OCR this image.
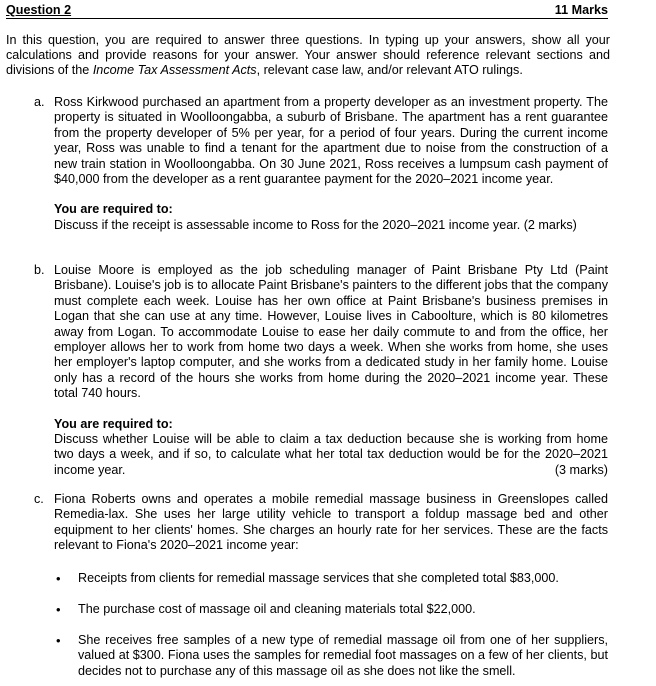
Question 2	11 Marks
In this question, you are required to answer three questions. In typing up your answers, show all your calculations and provide reasons for your answer. Your answer should reference relevant sections and divisions of the Income Tax Assessment Acts, relevant case law, and/or relevant ATO rulings.
a. Ross Kirkwood purchased an apartment from a property developer as an investment property. The property is situated in Woolloongabba, a suburb of Brisbane. The apartment has a rent guarantee from the property developer of 5% per year, for a period of four years. During the current income year, Ross was unable to find a tenant for the apartment due to noise from the construction of a new train station in Woolloongabba. On 30 June 2021, Ross receives a lumpsum cash payment of $40,000 from the developer as a rent guarantee payment for the 2020–2021 income year.
You are required to:
Discuss if the receipt is assessable income to Ross for the 2020–2021 income year. (2 marks)
b. Louise Moore is employed as the job scheduling manager of Paint Brisbane Pty Ltd (Paint Brisbane). Louise's job is to allocate Paint Brisbane's painters to the different jobs that the company must complete each week. Louise has her own office at Paint Brisbane's business premises in Logan that she can use at any time. However, Louise lives in Caboolture, which is 80 kilometres away from Logan. To accommodate Louise to ease her daily commute to and from the office, her employer allows her to work from home two days a week. When she works from home, she uses her employer's laptop computer, and she works from a dedicated study in her family home. Louise only has a record of the hours she works from home during the 2020–2021 income year. These total 740 hours.
You are required to:
Discuss whether Louise will be able to claim a tax deduction because she is working from home two days a week, and if so, to calculate what her total tax deduction would be for the 2020–2021 income year.	(3 marks)
c. Fiona Roberts owns and operates a mobile remedial massage business in Greenslopes called Remedia-lax. She uses her large utility vehicle to transport a foldup massage bed and other equipment to her clients' homes. She charges an hourly rate for her services. These are the facts relevant to Fiona's 2020–2021 income year:
• Receipts from clients for remedial massage services that she completed total $83,000.
• The purchase cost of massage oil and cleaning materials total $22,000.
• She receives free samples of a new type of remedial massage oil from one of her suppliers, valued at $300. Fiona uses the samples for remedial foot massages on a few of her clients, but decides not to purchase any of this massage oil as she does not like the smell.
